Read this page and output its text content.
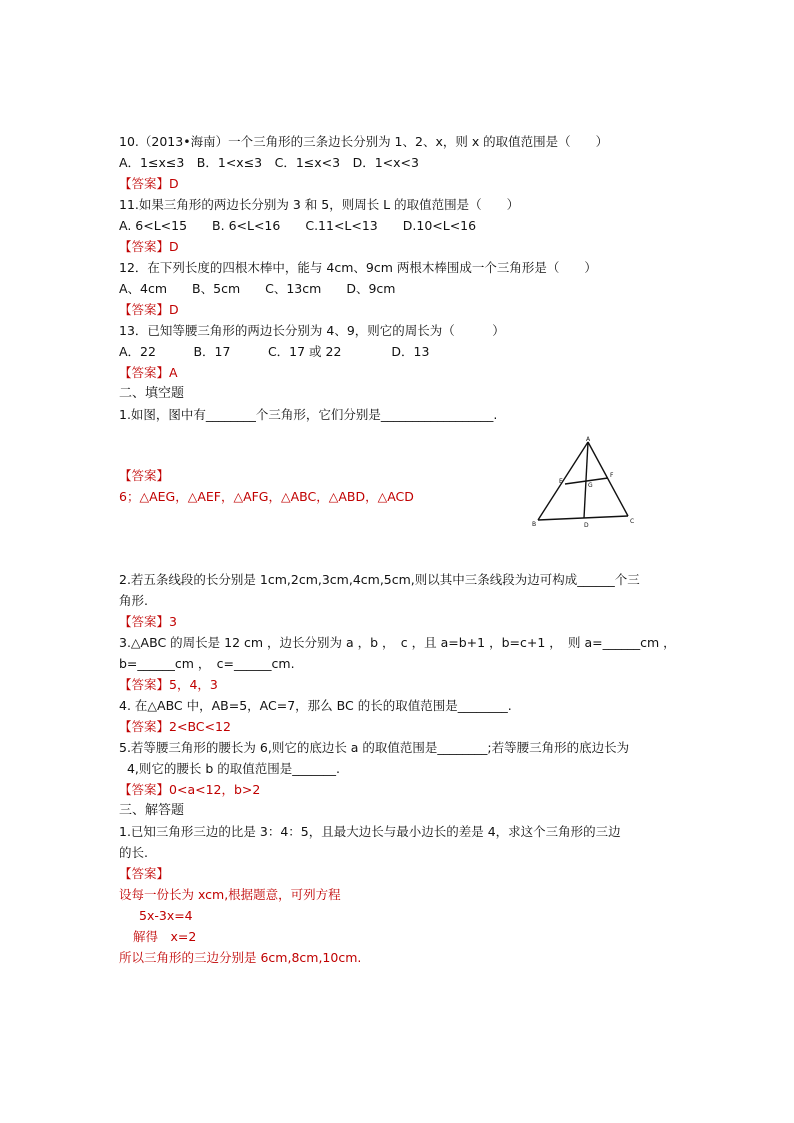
10.（2013•海南）一个三角形的三条边长分别为 1、2、x，则 x 的取值范围是（　　）
A．1≤x≤3　B．1<x≤3　C．1≤x<3　D．1<x<3
【答案】D
11.如果三角形的两边长分别为 3 和 5，则周长 L 的取值范围是（　　）
A. 6<L<15　　B. 6<L<16　　C.11<L<13　　D.10<L<16
【答案】D
12．在下列长度的四根木棒中，能与 4cm、9cm 两根木棒围成一个三角形是（　　）
A、4cm　　B、5cm　　C、13cm　　D、9cm
【答案】D
13．已知等腰三角形的两边长分别为 4、9，则它的周长为（　　　）
A．22　　　B．17　　　C．17 或 22　　　　D．13
【答案】A
二、填空题
1.如图，图中有________个三角形，它们分别是__________________.
【答案】
6；△AEG，△AEF，△AFG，△ABC，△ABD，△ACD
A
B	C
D
E
F
G
2.若五条线段的长分别是 1cm,2cm,3cm,4cm,5cm,则以其中三条线段为边可构成______个三
角形.
【答案】3
3.△ABC 的周长是 12 cm ，边长分别为 a ，b ，　c ，且 a=b+1 ，b=c+1 ，　则 a=______cm ，
b=______cm ，　c=______cm.
【答案】5，4，3
4. 在△ABC 中，AB=5，AC=7，那么 BC 的长的取值范围是________.
【答案】2<BC<12
5.若等腰三角形的腰长为 6,则它的底边长 a 的取值范围是________;若等腰三角形的底边长为
4,则它的腰长 b 的取值范围是_______.
【答案】0<a<12，b>2
三、解答题
1.已知三角形三边的比是 3：4：5，且最大边长与最小边长的差是 4，求这个三角形的三边
的长.
【答案】
设每一份长为 xcm,根据题意，可列方程
5x-3x=4
解得　x=2
所以三角形的三边分别是 6cm,8cm,10cm.
